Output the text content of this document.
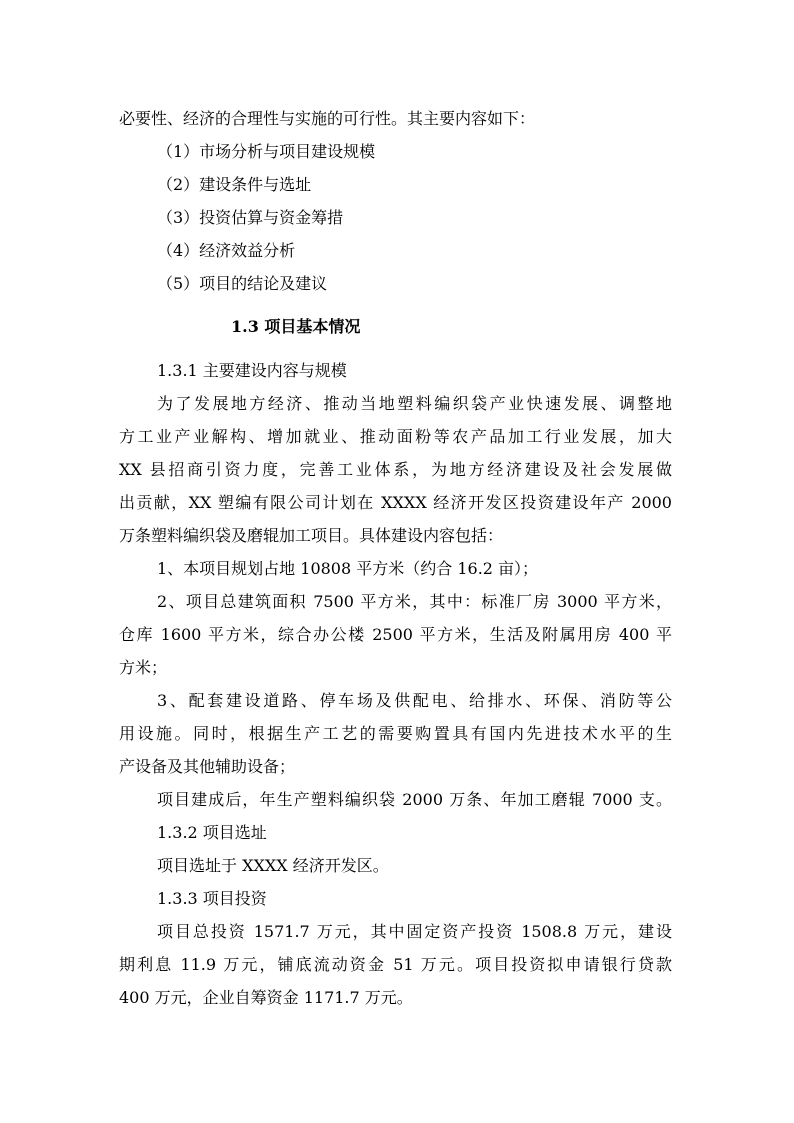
必要性、经济的合理性与实施的可行性。其主要内容如下：
（1）市场分析与项目建设规模
（2）建设条件与选址
（3）投资估算与资金筹措
（4）经济效益分析
（5）项目的结论及建议
1.3 项目基本情况
1.3.1 主要建设内容与规模
为了发展地方经济、推动当地塑料编织袋产业快速发展、调整地
方工业产业解构、增加就业、推动面粉等农产品加工行业发展，加大
XX 县招商引资力度，完善工业体系，为地方经济建设及社会发展做
出贡献，XX 塑编有限公司计划在 XXXX 经济开发区投资建设年产 2000
万条塑料编织袋及磨辊加工项目。具体建设内容包括：
1、本项目规划占地 10808 平方米（约合 16.2 亩）；
2、项目总建筑面积 7500 平方米，其中：标准厂房 3000 平方米，
仓库 1600 平方米，综合办公楼 2500 平方米，生活及附属用房 400 平
方米；
3、配套建设道路、停车场及供配电、给排水、环保、消防等公
用设施。同时，根据生产工艺的需要购置具有国内先进技术水平的生
产设备及其他辅助设备；
项目建成后，年生产塑料编织袋 2000 万条、年加工磨辊 7000 支。
1.3.2 项目选址
项目选址于 XXXX 经济开发区。
1.3.3 项目投资
项目总投资 1571.7 万元，其中固定资产投资 1508.8 万元，建设
期利息 11.9 万元，铺底流动资金 51 万元。项目投资拟申请银行贷款
400 万元，企业自筹资金 1171.7 万元。
